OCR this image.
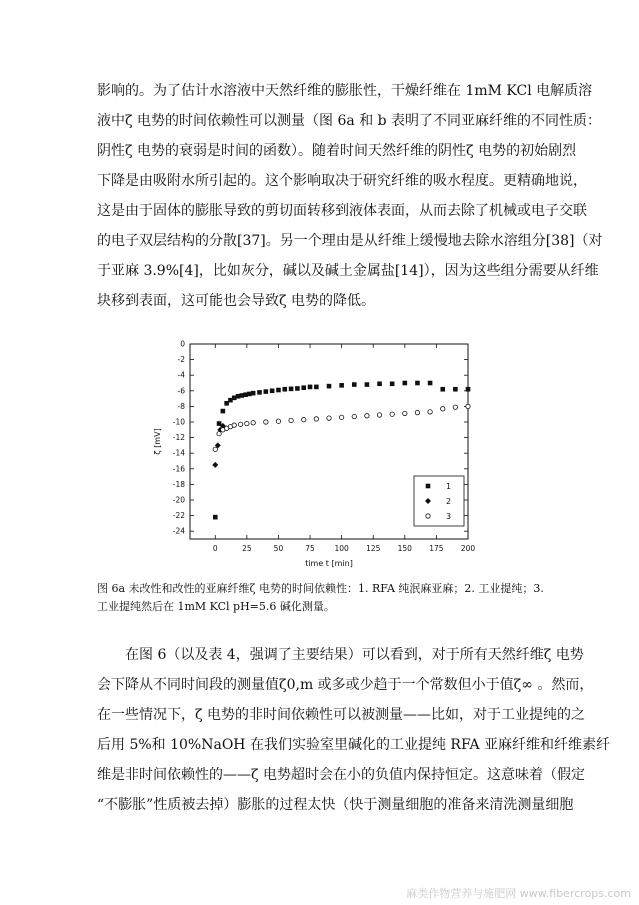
影响的。为了估计水溶液中天然纤维的膨胀性，干燥纤维在 1mM KCl 电解质溶
液中ζ 电势的时间依赖性可以测量（图 6a 和 b 表明了不同亚麻纤维的不同性质：
阴性ζ 电势的衰弱是时间的函数）。随着时间天然纤维的阴性ζ 电势的初始剧烈
下降是由吸附水所引起的。这个影响取决于研究纤维的吸水程度。更精确地说，
这是由于固体的膨胀导致的剪切面转移到液体表面，从而去除了机械或电子交联
的电子双层结构的分散[37]。另一个理由是从纤维上缓慢地去除水溶组分[38]（对
于亚麻 3.9%[4]，比如灰分，碱以及碱土金属盐[14]），因为这些组分需要从纤维
块移到表面，这可能也会导致ζ 电势的降低。
0
-2
-4
-6
-8
-10
-12
-14
-16
-18
-20
-22
-24
0	25	50	75	100 125 150 175 200
time t [min]
ζ [mV]
1
2
3
图 6a 未改性和改性的亚麻纤维ζ 电势的时间依赖性：1. RFA 纯泯麻亚麻；2. 工业提纯；3.
工业提纯然后在 1mM KCl pH=5.6 碱化测量。
在图 6（以及表 4，强调了主要结果）可以看到，对于所有天然纤维ζ 电势
会下降从不同时间段的测量值ζ0,m 或多或少趋于一个常数但小于值ζ∞ 。然而，
在一些情况下，ζ 电势的非时间依赖性可以被测量——比如，对于工业提纯的之
后用 5%和 10%NaOH 在我们实验室里碱化的工业提纯 RFA 亚麻纤维和纤维素纤
维是非时间依赖性的——ζ 电势超时会在小的负值内保持恒定。这意味着（假定
“不膨胀”性质被去掉）膨胀的过程太快（快于测量细胞的准备来清洗测量细胞
麻类作物营养与施肥网 www.fibercrops.com
